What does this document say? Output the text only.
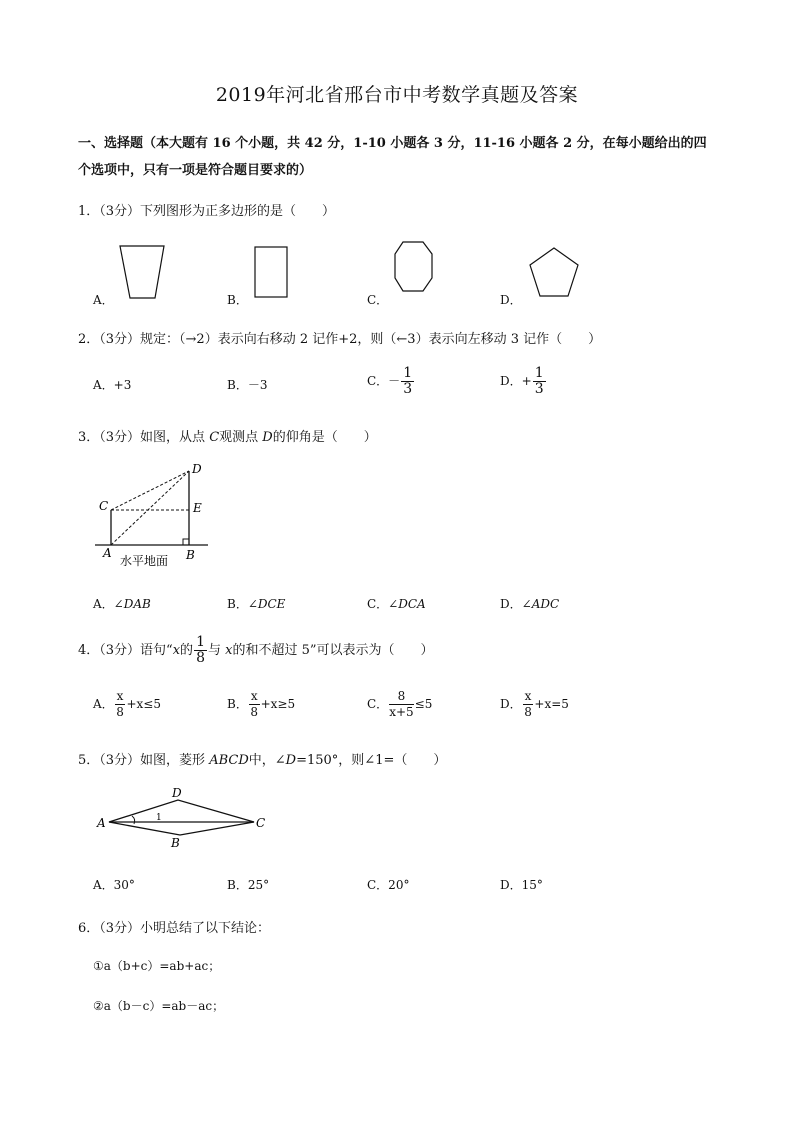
2019年河北省邢台市中考数学真题及答案
一、选择题（本大题有 16 个小题，共 42 分，1-10 小题各 3 分，11-16 小题各 2 分，在每小题给出的四
个选项中，只有一项是符合题目要求的）
1．（3分）下列图形为正多边形的是（　　）
A．	B．	C．	D．
2．（3分）规定：（→2）表示向右移动 2 记作+2，则（←3）表示向左移动 3 记作（　　）
A．+3	B．－3	C．－ $\frac{1}{3}$	D．+ $\frac{1}{3}$
3．（3分）如图，从点 C观测点 D的仰角是（　　）
D
C	E
A	B
水平地面
A．∠DAB	B．∠DCE	C．∠DCA	D．∠ADC
4．（3分）语句“x的 $\frac{1}{8}$ 与 x的和不超过 5”可以表示为（　　）
A． $\frac{x}{8} +x\le 5$	B． $\frac{x}{8} +x\ge 5$	C． $\frac{8}{x+5} \le 5$	D． $\frac{x}{8} +x=5$
5．（3分）如图，菱形 ABCD中，∠D=150°，则∠1=（　　）
A
D
C
B
1
A．30°	B．25°	C．20°	D．15°
6．（3分）小明总结了以下结论：
①a（b+c）=ab+ac；
②a（b－c）=ab－ac；
